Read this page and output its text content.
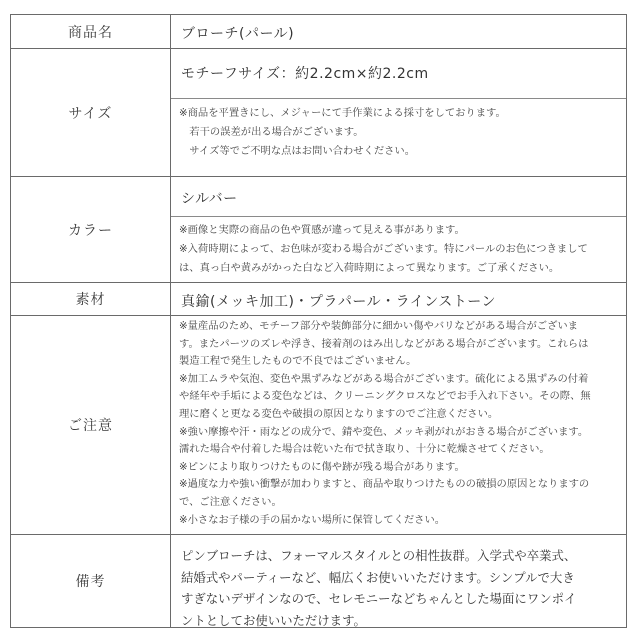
商品名	ブローチ(パール)
サイズ
モチーフサイズ：約2.2cm×約2.2cm
※商品を平置きにし、メジャーにて手作業による採寸をしております。
　若干の誤差が出る場合がございます。
　サイズ等でご不明な点はお問い合わせください。
カラー
シルバー
※画像と実際の商品の色や質感が違って見える事があります。
※入荷時期によって、お色味が変わる場合がございます。特にパールのお色につきまして
は、真っ白や黄みがかった白など入荷時期によって異なります。ご了承ください。
素材	真鍮(メッキ加工)・プラパール・ラインストーン
ご注意
※量産品のため、モチーフ部分や装飾部分に細かい傷やバリなどがある場合がございま
す。またパーツのズレや浮き、接着剤のはみ出しなどがある場合がございます。これらは
製造工程で発生したもので不良ではございません。
※加工ムラや気泡、変色や黒ずみなどがある場合がございます。硫化による黒ずみの付着
や経年や手垢による変色などは、クリーニングクロスなどでお手入れ下さい。その際、無
理に磨くと更なる変色や破損の原因となりますのでご注意ください。
※強い摩擦や汗・雨などの成分で、錆や変色、メッキ剥がれがおきる場合がございます。
濡れた場合や付着した場合は乾いた布で拭き取り、十分に乾燥させてください。
※ピンにより取りつけたものに傷や跡が残る場合があります。
※過度な力や強い衝撃が加わりますと、商品や取りつけたものの破損の原因となりますの
で、ご注意ください。
※小さなお子様の手の届かない場所に保管してください。
備考
ピンブローチは、フォーマルスタイルとの相性抜群。入学式や卒業式、
結婚式やパーティーなど、幅広くお使いいただけます。シンプルで大き
すぎないデザインなので、セレモニーなどちゃんとした場面にワンポイ
ントとしてお使いいただけます。
